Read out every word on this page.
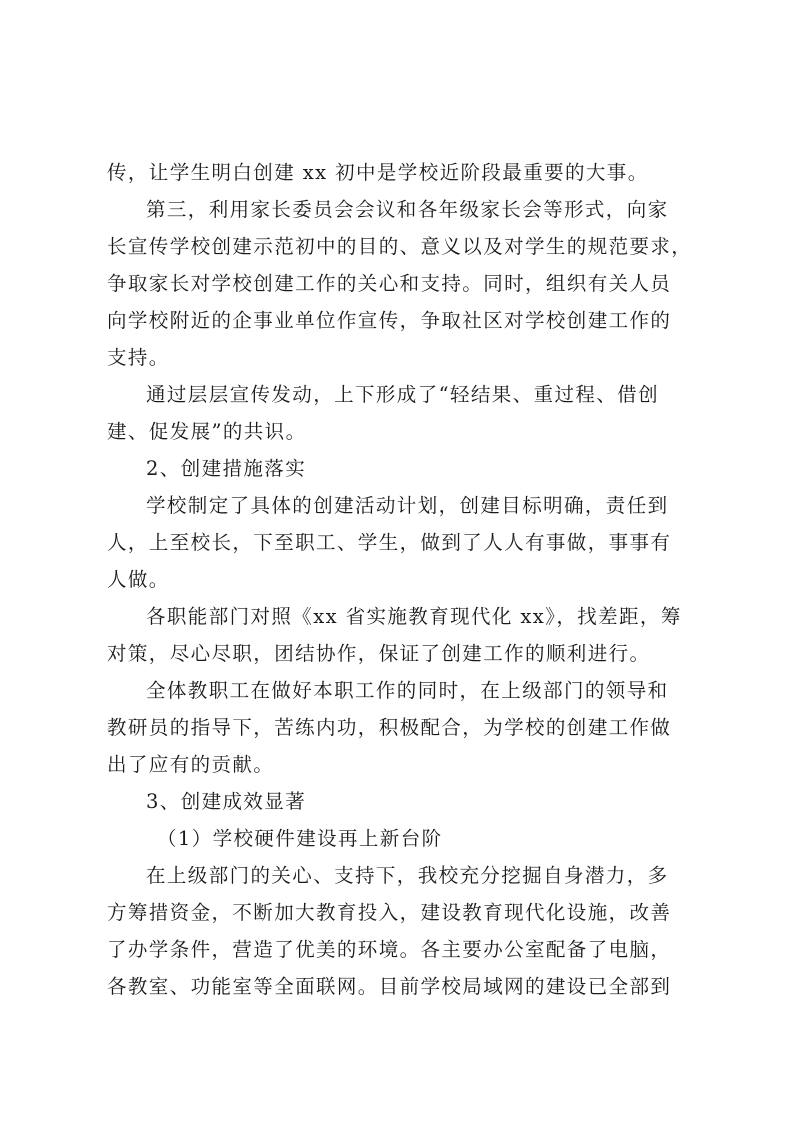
传，让学生明白创建 xx 初中是学校近阶段最重要的大事。
第三，利用家长委员会会议和各年级家长会等形式，向家
长宣传学校创建示范初中的目的、意义以及对学生的规范要求，
争取家长对学校创建工作的关心和支持。同时，组织有关人员
向学校附近的企事业单位作宣传，争取社区对学校创建工作的
支持。
通过层层宣传发动，上下形成了“轻结果、重过程、借创
建、促发展”的共识。
2、创建措施落实
学校制定了具体的创建活动计划，创建目标明确，责任到
人，上至校长，下至职工、学生，做到了人人有事做，事事有
人做。
各职能部门对照《xx 省实施教育现代化 xx》，找差距，筹
对策，尽心尽职，团结协作，保证了创建工作的顺利进行。
全体教职工在做好本职工作的同时，在上级部门的领导和
教研员的指导下，苦练内功，积极配合，为学校的创建工作做
出了应有的贡献。
3、创建成效显著
（1）学校硬件建设再上新台阶
在上级部门的关心、支持下，我校充分挖掘自身潜力，多
方筹措资金，不断加大教育投入，建设教育现代化设施，改善
了办学条件，营造了优美的环境。各主要办公室配备了电脑，
各教室、功能室等全面联网。目前学校局域网的建设已全部到
